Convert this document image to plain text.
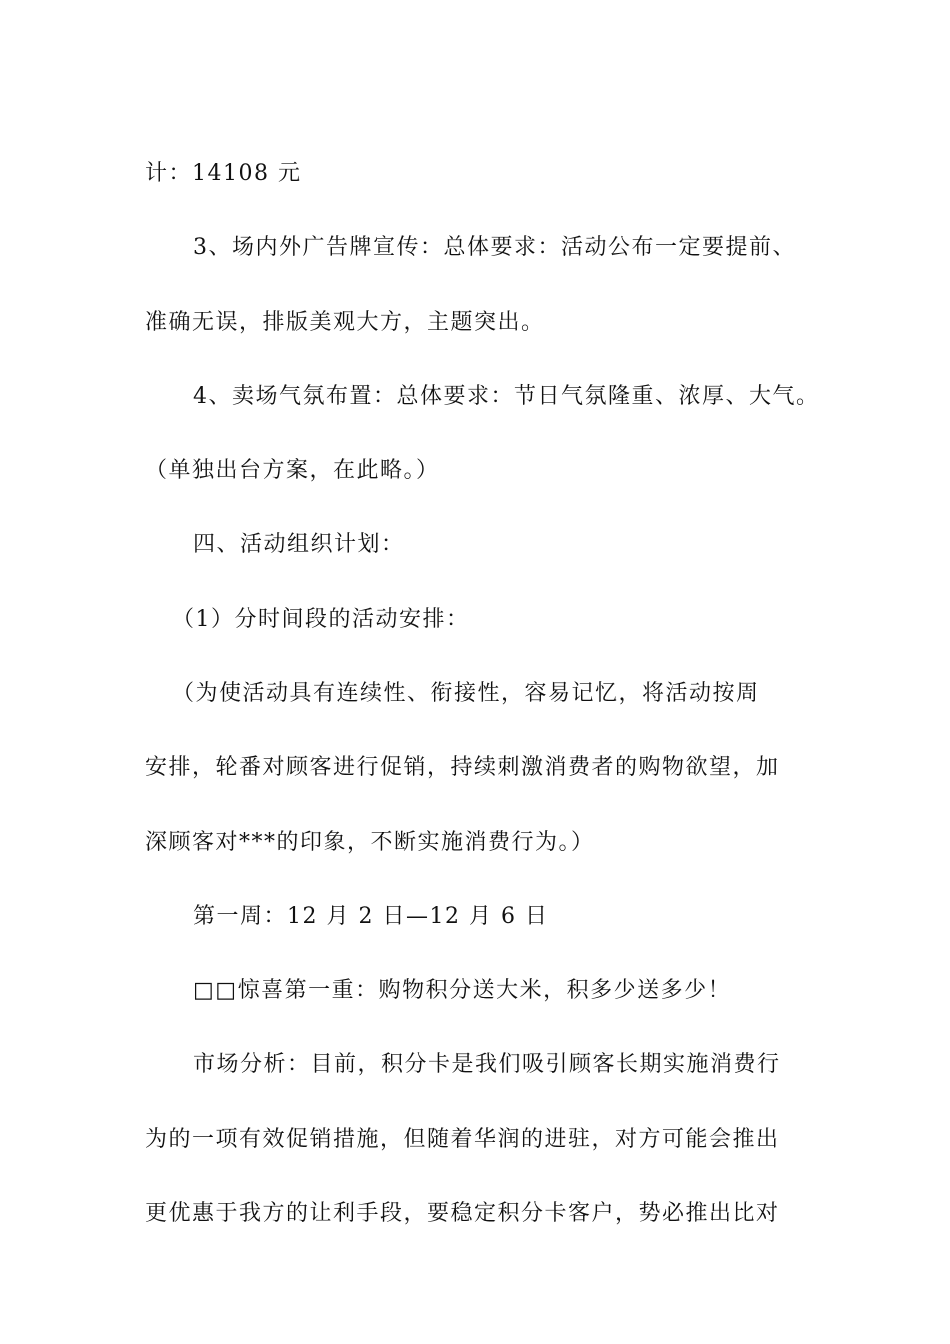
计：14108 元

3、场内外广告牌宣传：总体要求：活动公布一定要提前、

准确无误，排版美观大方，主题突出。

4、卖场气氛布置：总体要求：节日气氛隆重、浓厚、大气。

（单独出台方案，在此略。）

四、活动组织计划：

（1）分时间段的活动安排：

（为使活动具有连续性、衔接性，容易记忆，将活动按周

安排，轮番对顾客进行促销，持续刺激消费者的购物欲望，加

深顾客对***的印象，不断实施消费行为。）

第一周：12 月 2 日—12 月 6 日

□□惊喜第一重：购物积分送大米，积多少送多少！

市场分析：目前，积分卡是我们吸引顾客长期实施消费行

为的一项有效促销措施，但随着华润的进驻，对方可能会推出

更优惠于我方的让利手段，要稳定积分卡客户，势必推出比对
